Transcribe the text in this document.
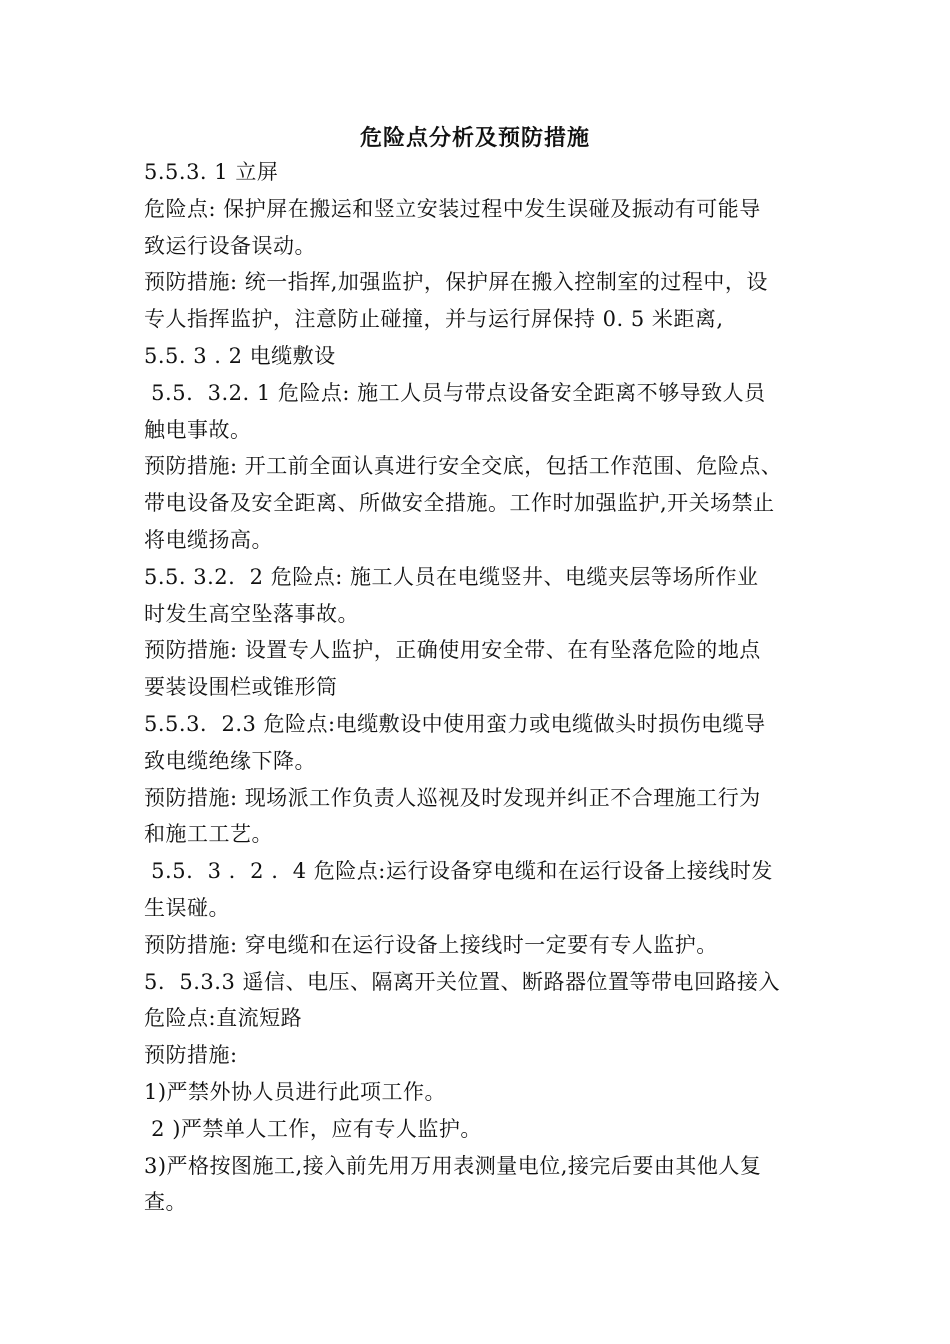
危险点分析及预防措施
5.5.3. 1 立屏
危险点: 保护屏在搬运和竖立安装过程中发生误碰及振动有可能导
致运行设备误动。
预防措施: 统一指挥,加强监护，保护屏在搬入控制室的过程中，设
专人指挥监护，注意防止碰撞，并与运行屏保持 0. 5 米距离,
5.5. 3 . 2 电缆敷设
5.5.  3.2. 1 危险点: 施工人员与带点设备安全距离不够导致人员
触电事故。
预防措施: 开工前全面认真进行安全交底，包括工作范围、危险点、
带电设备及安全距离、所做安全措施。工作时加强监护,开关场禁止
将电缆扬高。
5.5. 3.2.  2 危险点: 施工人员在电缆竖井、电缆夹层等场所作业
时发生高空坠落事故。
预防措施: 设置专人监护，正确使用安全带、在有坠落危险的地点
要装设围栏或锥形筒
5.5.3.  2.3 危险点:电缆敷设中使用蛮力或电缆做头时损伤电缆导
致电缆绝缘下降。
预防措施: 现场派工作负责人巡视及时发现并纠正不合理施工行为
和施工工艺。
5.5.  3 .  2 .  4 危险点:运行设备穿电缆和在运行设备上接线时发
生误碰。
预防措施: 穿电缆和在运行设备上接线时一定要有专人监护。
5.  5.3.3 遥信、电压、隔离开关位置、断路器位置等带电回路接入
危险点:直流短路
预防措施:
1)严禁外协人员进行此项工作。
2 )严禁单人工作，应有专人监护。
3)严格按图施工,接入前先用万用表测量电位,接完后要由其他人复
查。
